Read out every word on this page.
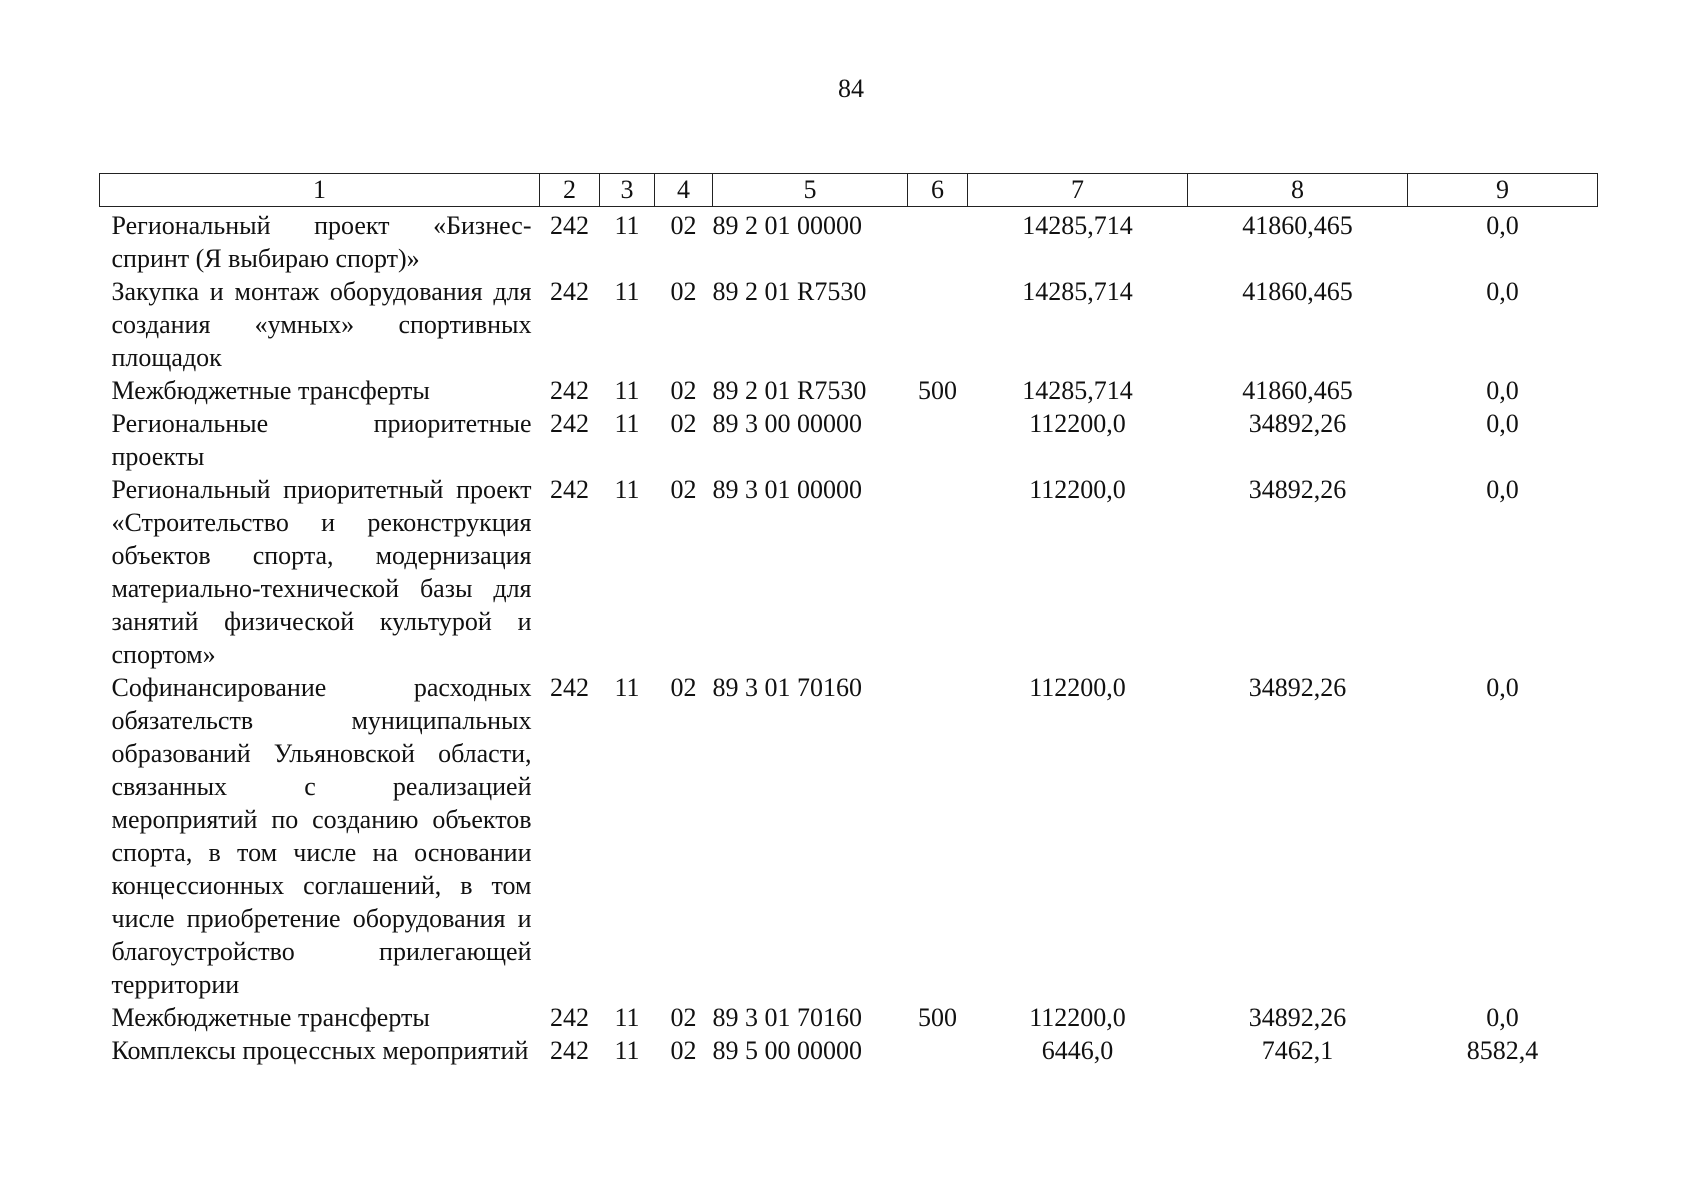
84
1	2	3	4	5	6	7	8	9
Региональный проект «Бизнес-спринт (Я выбираю спорт)»	242	11	02	89 2 01 00000		14285,714	41860,465	0,0
Закупка и монтаж оборудования для создания «умных» спортивных площадок	242	11	02	89 2 01 R7530		14285,714	41860,465	0,0
Межбюджетные трансферты	242	11	02	89 2 01 R7530	500	14285,714	41860,465	0,0
Региональные приоритетные проекты	242	11	02	89 3 00 00000		112200,0	34892,26	0,0
Региональный приоритетный проект «Строительство и реконструкция объектов спорта, модернизация материально-технической базы для занятий физической культурой и спортом»	242	11	02	89 3 01 00000		112200,0	34892,26	0,0
Софинансирование расходных обязательств муниципальных образований Ульяновской области, связанных с реализацией мероприятий по созданию объектов спорта, в том числе на основании концессионных соглашений, в том числе приобретение оборудования и благоустройство прилегающей территории	242	11	02	89 3 01 70160		112200,0	34892,26	0,0
Межбюджетные трансферты	242	11	02	89 3 01 70160	500	112200,0	34892,26	0,0
Комплексы процессных мероприятий	242	11	02	89 5 00 00000		6446,0	7462,1	8582,4
